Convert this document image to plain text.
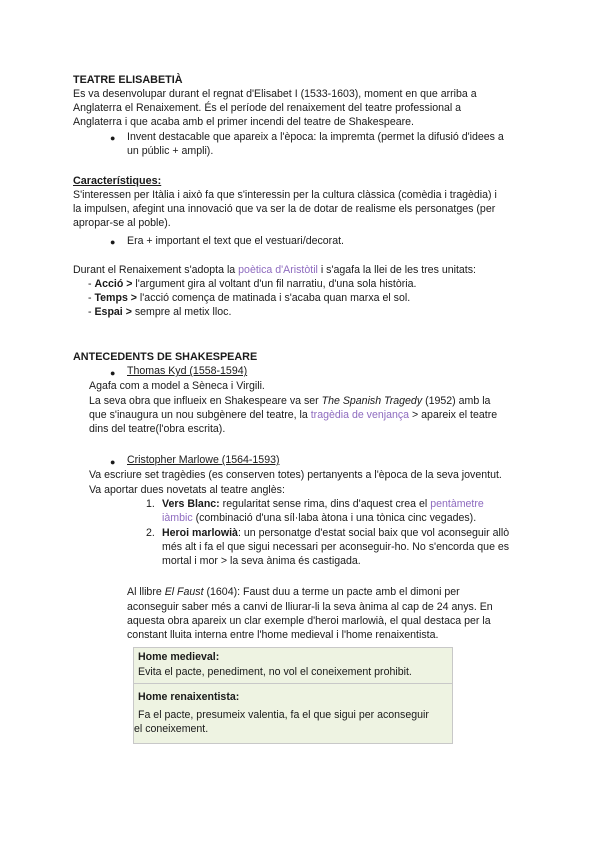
TEATRE ELISABETIÀ
Es va desenvolupar durant el regnat d'Elisabet I (1533-1603), moment en que arriba a
Anglaterra el Renaixement. És el període del renaixement del teatre professional a
Anglaterra i que acaba amb el primer incendi del teatre de Shakespeare.
● Invent destacable que apareix a l'època: la impremta (permet la difusió d'idees a
un públic + ampli).
Característiques:
S'interessen per Itàlia i això fa que s'interessin per la cultura clàssica (comèdia i tragèdia) i
la impulsen, afegint una innovació que va ser la de dotar de realisme els personatges (per
apropar-se al poble).
● Era + important el text que el vestuari/decorat.
Durant el Renaixement s'adopta la poètica d'Aristòtil i s'agafa la llei de les tres unitats:
- Acció > l'argument gira al voltant d'un fil narratiu, d'una sola història.
- Temps > l'acció comença de matinada i s'acaba quan marxa el sol.
- Espai > sempre al metix lloc.
ANTECEDENTS DE SHAKESPEARE
● Thomas Kyd (1558-1594)
Agafa com a model a Sèneca i Virgili.
La seva obra que influeix en Shakespeare va ser The Spanish Tragedy (1952) amb la
que s'inaugura un nou subgènere del teatre, la tragèdia de venjança > apareix el teatre
dins del teatre(l'obra escrita).
● Cristopher Marlowe (1564-1593)
Va escriure set tragèdies (es conserven totes) pertanyents a l'època de la seva joventut.
Va aportar dues novetats al teatre anglès:
1. Vers Blanc: regularitat sense rima, dins d'aquest crea el pentàmetre
iàmbic (combinació d'una síl·laba àtona i una tònica cinc vegades).
2. Heroi marlowià: un personatge d'estat social baix que vol aconseguir allò
més alt i fa el que sigui necessari per aconseguir-ho. No s'encorda que es
mortal i mor > la seva ànima és castigada.
Al llibre El Faust (1604): Faust duu a terme un pacte amb el dimoni per
aconseguir saber més a canvi de lliurar-li la seva ànima al cap de 24 anys. En
aquesta obra apareix un clar exemple d'heroi marlowià, el qual destaca per la
constant lluita interna entre l'home medieval i l'home renaixentista.
Home medieval:
Evita el pacte, penediment, no vol el coneixement prohibit.
Home renaixentista:
Fa el pacte, presumeix valentia, fa el que sigui per aconseguir
el coneixement.
